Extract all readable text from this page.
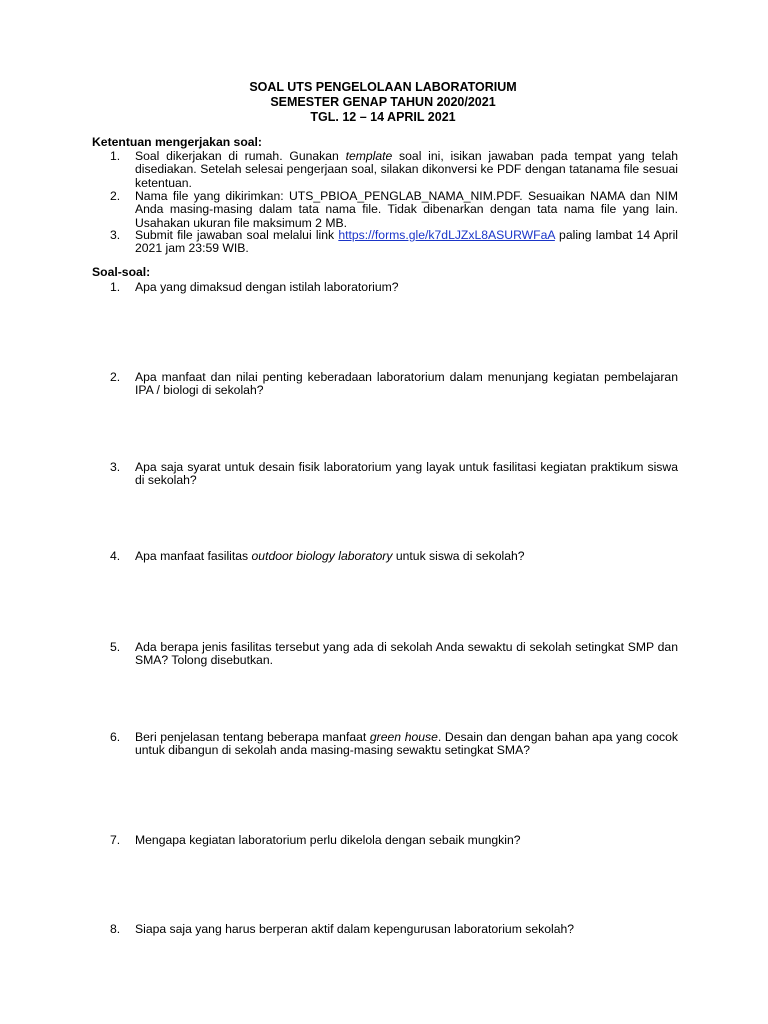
SOAL UTS PENGELOLAAN LABORATORIUM
SEMESTER GENAP TAHUN 2020/2021
TGL. 12 – 14 APRIL 2021
Ketentuan mengerjakan soal:
1.	Soal dikerjakan di rumah. Gunakan template soal ini, isikan jawaban pada tempat yang telah disediakan. Setelah selesai pengerjaan soal, silakan dikonversi ke PDF dengan tatanama file sesuai ketentuan.
2.	Nama file yang dikirimkan: UTS_PBIOA_PENGLAB_NAMA_NIM.PDF. Sesuaikan NAMA dan NIM Anda masing-masing dalam tata nama file. Tidak dibenarkan dengan tata nama file yang lain. Usahakan ukuran file maksimum 2 MB.
3.	Submit file jawaban soal melalui link https://forms.gle/k7dLJZxL8ASURWFaA paling lambat 14 April 2021 jam 23:59 WIB.
Soal-soal:
1.	Apa yang dimaksud dengan istilah laboratorium?
2.	Apa manfaat dan nilai penting keberadaan laboratorium dalam menunjang kegiatan pembelajaran IPA / biologi di sekolah?
3.	Apa saja syarat untuk desain fisik laboratorium yang layak untuk fasilitasi kegiatan praktikum siswa di sekolah?
4.	Apa manfaat fasilitas outdoor biology laboratory untuk siswa di sekolah?
5.	Ada berapa jenis fasilitas tersebut yang ada di sekolah Anda sewaktu di sekolah setingkat SMP dan SMA? Tolong disebutkan.
6.	Beri penjelasan tentang beberapa manfaat green house. Desain dan dengan bahan apa yang cocok untuk dibangun di sekolah anda masing-masing sewaktu setingkat SMA?
7.	Mengapa kegiatan laboratorium perlu dikelola dengan sebaik mungkin?
8.	Siapa saja yang harus berperan aktif dalam kepengurusan laboratorium sekolah?
